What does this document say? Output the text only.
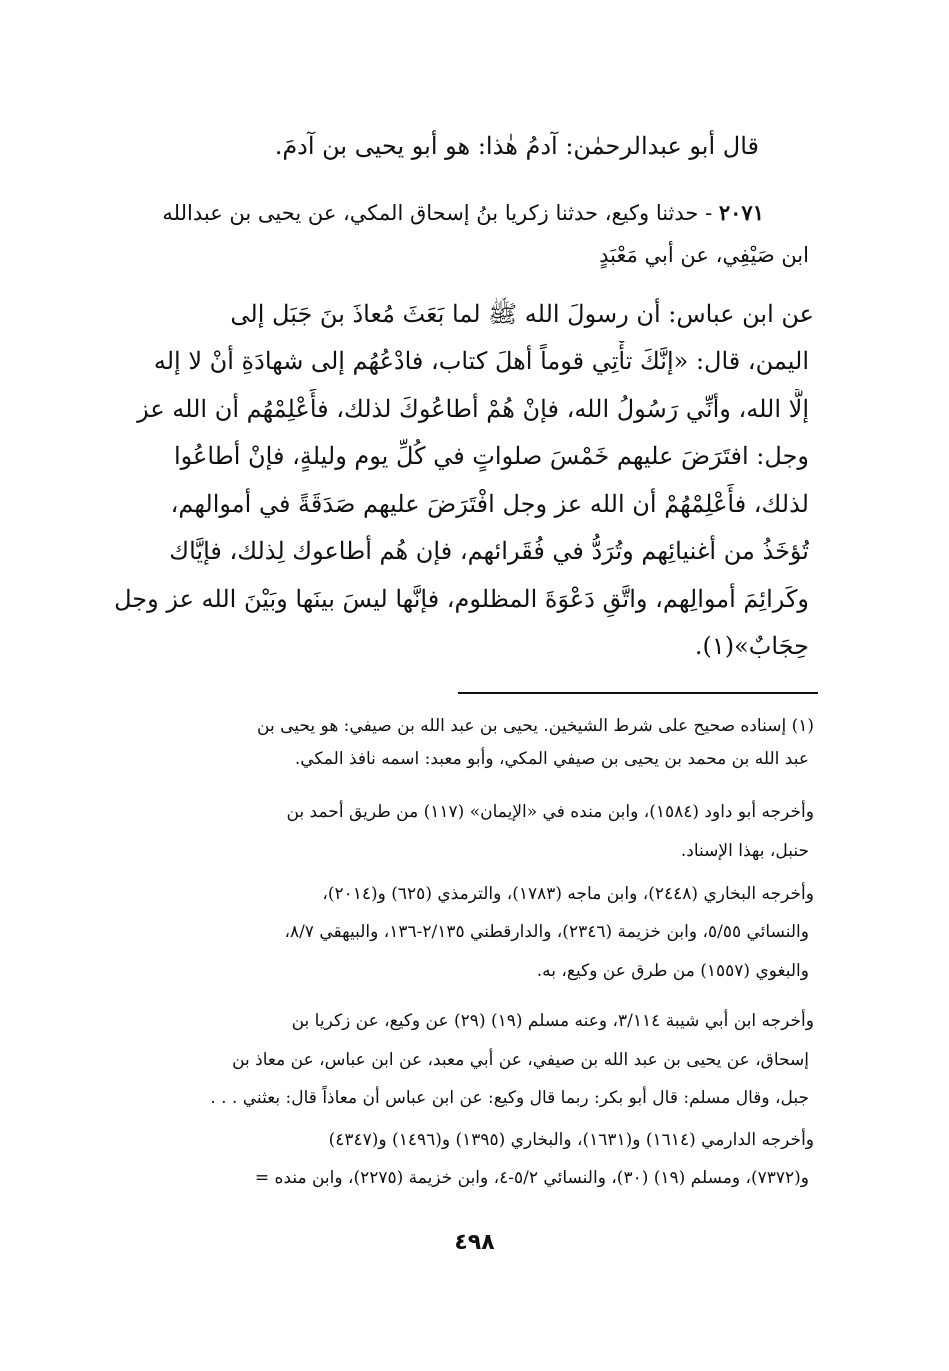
قال أبو عبدالرحمٰن: آدمُ هٰذا: هو أبو يحيى بن آدمَ.
٢٠٧١ - حدثنا وكيع، حدثنا زكريا بنُ إسحاق المكي، عن يحيى بن عبدالله
ابن صَيْفِي، عن أبي مَعْبَدٍ
عن ابن عباس: أن رسولَ الله ﷺ لما بَعَثَ مُعاذَ بنَ جَبَل إلى
اليمن، قال: «إنَّكَ تأْتِي قوماً أهلَ كتاب، فادْعُهُم إلى شهادَةِ أنْ لا إله
إلَّا الله، وأنِّي رَسُولُ الله، فإنْ هُمْ أطاعُوكَ لذلك، فأَعْلِمْهُم أن الله عز
وجل: افتَرَضَ عليهم خَمْسَ صلواتٍ في كُلِّ يوم وليلةٍ، فإنْ أطاعُوا
لذلك، فأَعْلِمْهُمْ أن الله عز وجل افْتَرَضَ عليهم صَدَقَةً في أموالهم،
تُؤخَذُ من أغنيائِهم وتُرَدُّ في فُقَرائهم، فإن هُم أطاعوك لِذلك، فإيَّاك
وكَرائِمَ أموالِهم، واتَّقِ دَعْوَةَ المظلوم، فإنَّها ليسَ بينَها وبَيْنَ الله عز وجل
حِجَابٌ»(١).
(١) إسناده صحيح على شرط الشيخين. يحيى بن عبد الله بن صيفي: هو يحيى بن
عبد الله بن محمد بن يحيى بن صيفي المكي، وأبو معبد: اسمه نافذ المكي.
وأخرجه أبو داود (١٥٨٤)، وابن منده في «الإيمان» (١١٧) من طريق أحمد بن
حنبل، بهذا الإسناد.
وأخرجه البخاري (٢٤٤٨)، وابن ماجه (١٧٨٣)، والترمذي (٦٢٥) و(٢٠١٤)،
والنسائي ٥/٥٥، وابن خزيمة (٢٣٤٦)، والدارقطني ٢/١٣٥-١٣٦، والبيهقي ٨/٧،
والبغوي (١٥٥٧) من طرق عن وكيع، به.
وأخرجه ابن أبي شيبة ٣/١١٤، وعنه مسلم (١٩) (٢٩) عن وكيع، عن زكريا بن
إسحاق، عن يحيى بن عبد الله بن صيفي، عن أبي معبد، عن ابن عباس، عن معاذ بن
جبل، وقال مسلم: قال أبو بكر: ربما قال وكيع: عن ابن عباس أن معاذاً قال: بعثني . . .
وأخرجه الدارمي (١٦١٤) و(١٦٣١)، والبخاري (١٣٩٥) و(١٤٩٦) و(٤٣٤٧)
و(٧٣٧٢)، ومسلم (١٩) (٣٠)، والنسائي ٥/٢-٤، وابن خزيمة (٢٢٧٥)، وابن منده =
٤٩٨
